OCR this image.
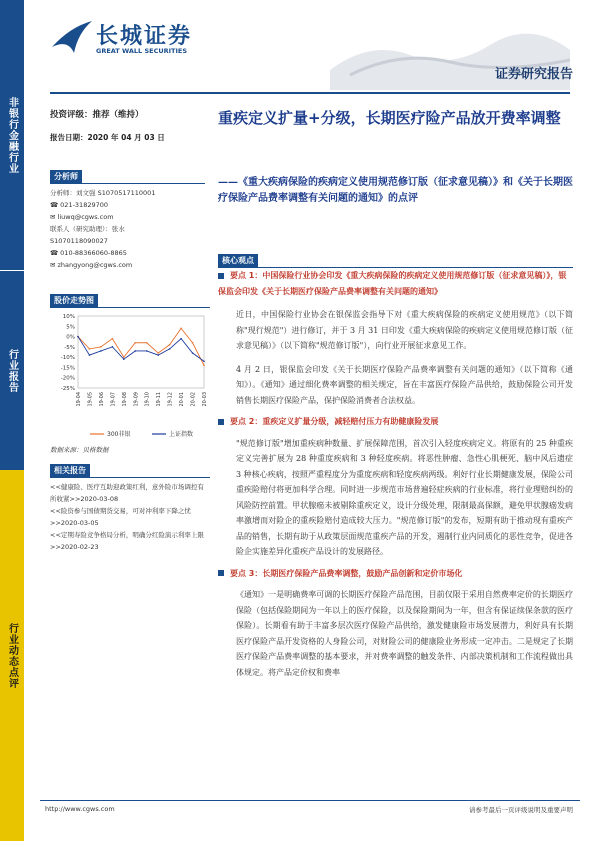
非银行金融行业
行业报告
行业动态点评
长城证券
GREAT WALL SECURITIES
证券研究报告
投资评级：推荐（维持）
报告日期：2020 年 04 月 03 日
分析师
分析师：刘文强 S1070517110001
☎ 021-31829700
✉ liuwq@cgws.com
联系人（研究助理）：张水
S1070118090027
☎ 010-88366060-8865
✉ zhangyong@cgws.com
股价走势图
10%
5%
0%
-5%
-10%
-15%
-20%
-25%
19-04 19-05 19-06 19-07 19-08 19-09 19-10 19-11 19-12 20-01 20-02 20-03
300非银	上证指数
数据来源：贝格数据
相关报告
<<健康险、医疗互助迎政策红利，意外险市场调控有所收紧>>2020-03-08
<<险资参与国债期货交易，可对冲利率下降之忧>>2020-03-05
<<定期寿险竞争格局分析，明确分红险演示利率上限>>2020-02-23
重疾定义扩量+分级，长期医疗险产品放开费率调整
——《重大疾病保险的疾病定义使用规范修订版（征求意见稿）》和《关于长期医疗保险产品费率调整有关问题的通知》的点评
核心观点
要点 1：中国保险行业协会印发《重大疾病保险的疾病定义使用规范修订版（征求意见稿）》，银保监会印发《关于长期医疗保险产品费率调整有关问题的通知》
近日，中国保险行业协会在银保监会指导下对《重大疾病保险的疾病定义使用规范》（以下简称"现行规范"）进行修订，并于 3 月 31 日印发《重大疾病保险的疾病定义使用规范修订版（征求意见稿）》（以下简称"规范修订版"），向行业开展征求意见工作。
4 月 2 日，银保监会印发《关于长期医疗保险产品费率调整有关问题的通知》（以下简称《通知》）。《通知》通过细化费率调整的相关规定，旨在丰富医疗保险产品供给，鼓励保险公司开发销售长期医疗保险产品，保护保险消费者合法权益。
要点 2：重疾定义扩量分级，减轻赔付压力有助健康险发展
"规范修订版"增加重疾病种数量、扩展保障范围，首次引入轻度疾病定义。将原有的 25 种重疾定义完善扩展为 28 种重度疾病和 3 种轻度疾病。将恶性肿瘤、急性心肌梗死、脑中风后遗症 3 种核心疾病，按照严重程度分为重度疾病和轻度疾病两级。利好行业长期健康发展，保险公司重疾险赔付将更加科学合理。同时进一步规范市场普遍轻症疾病的行业标准，将行业理赔纠纷的风险防控前置。甲状腺癌未被剔除重疾定义，设计分级处理，限制最高保额，避免甲状腺癌发病率激增而对险企的重疾险赔付造成较大压力。"规范修订版"的发布，短期有助于推动现有重疾产品的销售，长期有助于从政策层面规范重疾产品的开发，遏制行业内同质化的恶性竞争，促进各险企实施差异化重疾产品设计的发展路径。
要点 3：长期医疗保险产品费率调整，鼓励产品创新和定价市场化
《通知》一是明确费率可调的长期医疗保险产品范围，目前仅限于采用自然费率定价的长期医疗保险（包括保险期间为一年以上的医疗保险，以及保险期间为一年，但含有保证续保条款的医疗保险）。长期看有助于丰富多层次医疗保险产品供给，激发健康险市场发展潜力，利好具有长期医疗保险产品开发资格的人身险公司，对财险公司的健康险业务形成一定冲击。二是规定了长期医疗保险产品费率调整的基本要求，并对费率调整的触发条件、内部决策机制和工作流程做出具体规定。将产品定价权和费率
http://www.cgws.com	请参考最后一页评级说明及重要声明
